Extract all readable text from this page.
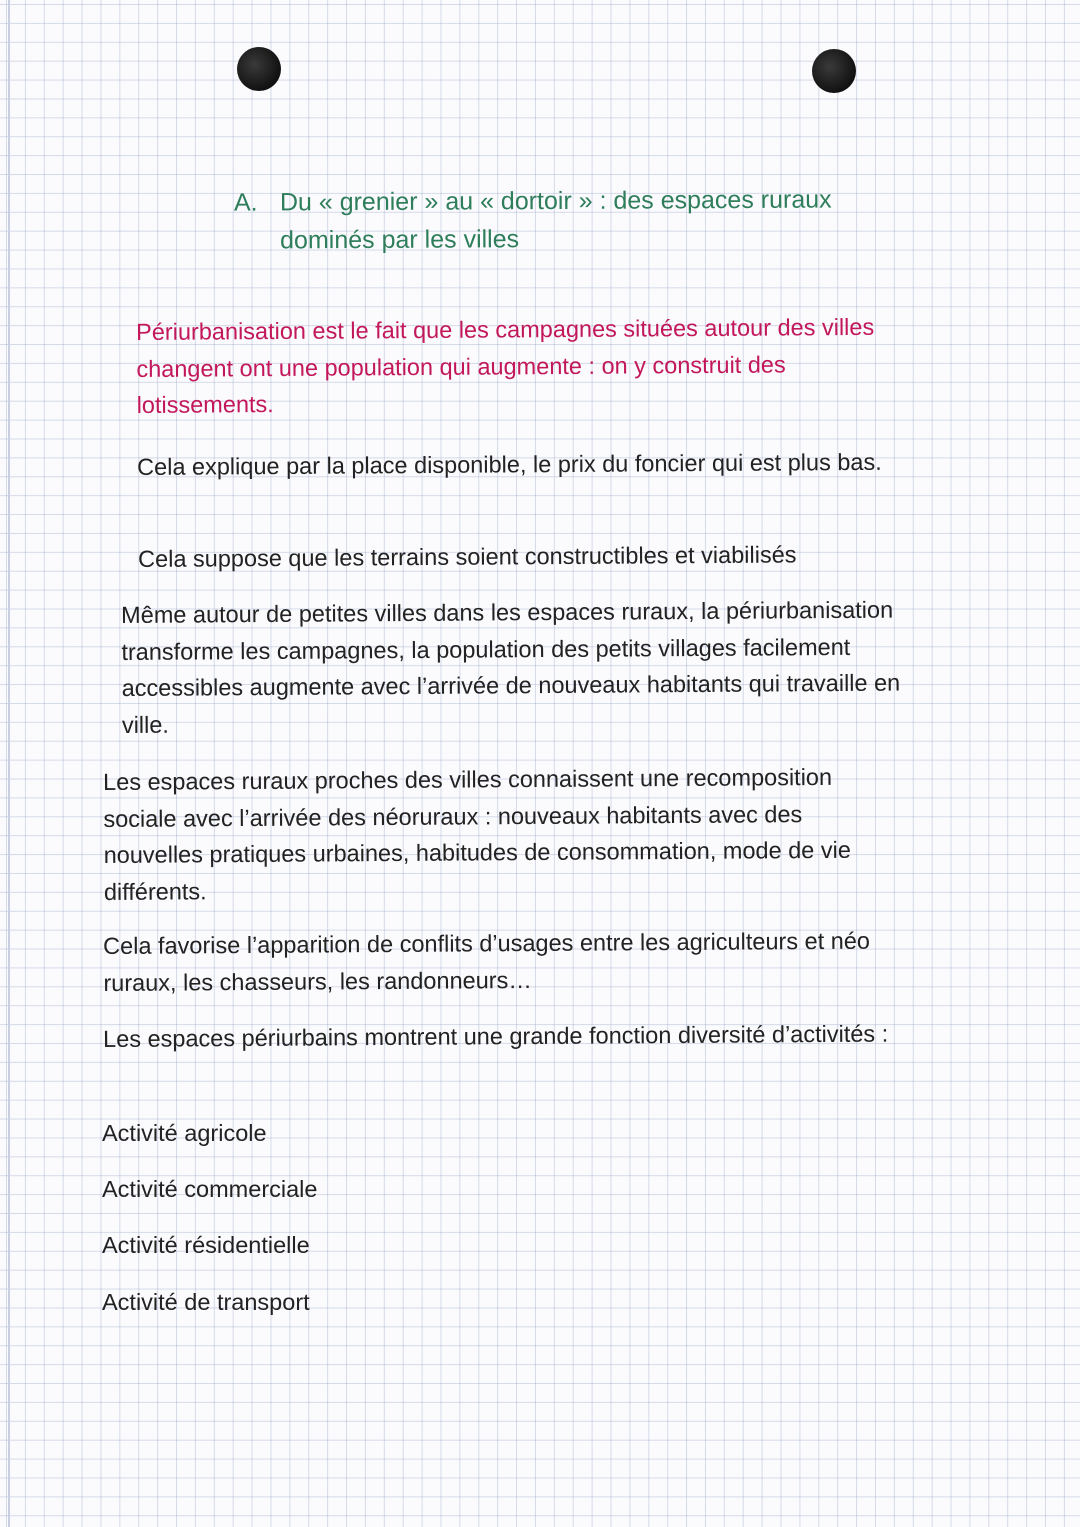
A. Du « grenier » au « dortoir » : des espaces ruraux
dominés par les villes
Périurbanisation est le fait que les campagnes situées autour des villes changent ont une population qui augmente : on y construit des lotissements.
Cela explique par la place disponible, le prix du foncier qui est plus bas.
Cela suppose que les terrains soient constructibles et viabilisés
Même autour de petites villes dans les espaces ruraux, la périurbanisation transforme les campagnes, la population des petits villages facilement accessibles augmente avec l’arrivée de nouveaux habitants qui travaille en ville.
Les espaces ruraux proches des villes connaissent une recomposition sociale avec l’arrivée des néoruraux : nouveaux habitants avec des nouvelles pratiques urbaines, habitudes de consommation, mode de vie différents.
Cela favorise l’apparition de conflits d’usages entre les agriculteurs et néo ruraux, les chasseurs, les randonneurs…
Les espaces périurbains montrent une grande fonction diversité d’activités :
Activité agricole
Activité commerciale
Activité résidentielle
Activité de transport
